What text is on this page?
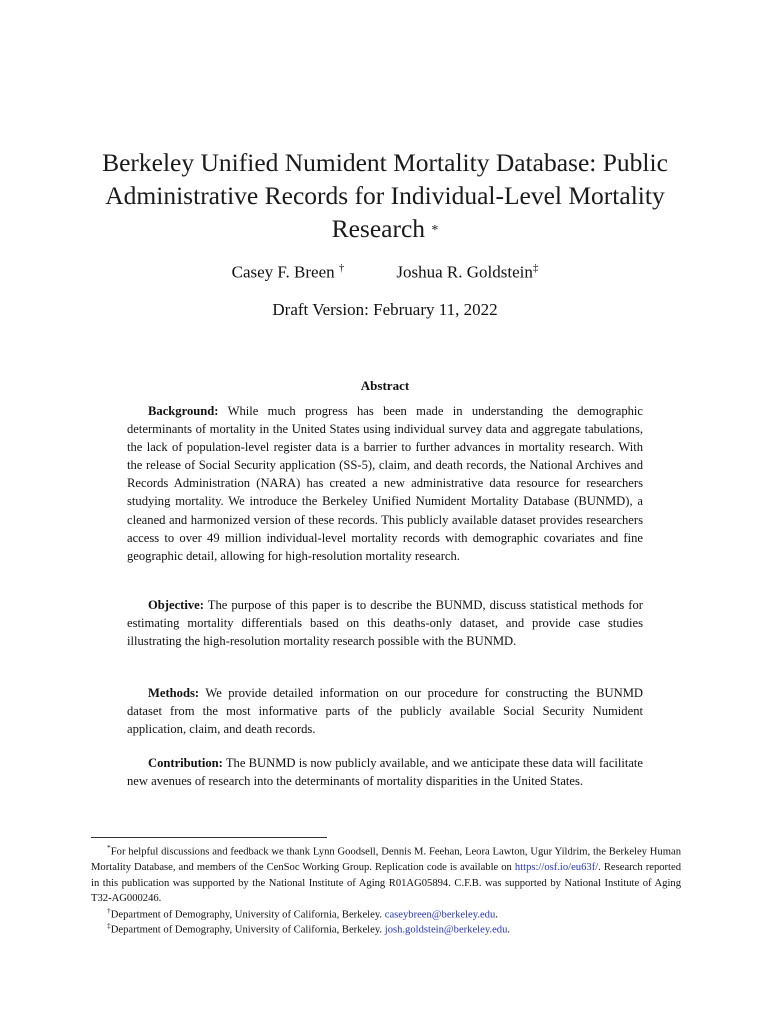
Berkeley Unified Numident Mortality Database: Public Administrative Records for Individual-Level Mortality Research *
Casey F. Breen †	Joshua R. Goldstein‡
Draft Version: February 11, 2022
Abstract

Background: While much progress has been made in understanding the demographic determinants of mortality in the United States using individual survey data and aggregate tabulations, the lack of population-level register data is a barrier to further advances in mortality research. With the release of Social Security application (SS-5), claim, and death records, the National Archives and Records Administration (NARA) has created a new administrative data resource for researchers studying mortality. We introduce the Berkeley Unified Numident Mortality Database (BUNMD), a cleaned and harmonized version of these records. This publicly available dataset provides researchers access to over 49 million individual-level mortality records with demographic covariates and fine geographic detail, allowing for high-resolution mortality research.

Objective: The purpose of this paper is to describe the BUNMD, discuss statistical methods for estimating mortality differentials based on this deaths-only dataset, and provide case studies illustrating the high-resolution mortality research possible with the BUNMD.

Methods: We provide detailed information on our procedure for constructing the BUNMD dataset from the most informative parts of the publicly available Social Security Numident application, claim, and death records.

Contribution: The BUNMD is now publicly available, and we anticipate these data will facilitate new avenues of research into the determinants of mortality disparities in the United States.

*For helpful discussions and feedback we thank Lynn Goodsell, Dennis M. Feehan, Leora Lawton, Ugur Yildrim, the Berkeley Human Mortality Database, and members of the CenSoc Working Group. Replication code is available on https://osf.io/eu63f/. Research reported in this publication was supported by the National Institute of Aging R01AG05894. C.F.B. was supported by National Institute of Aging T32-AG000246.

†Department of Demography, University of California, Berkeley. caseybreen@berkeley.edu.

‡Department of Demography, University of California, Berkeley. josh.goldstein@berkeley.edu.
